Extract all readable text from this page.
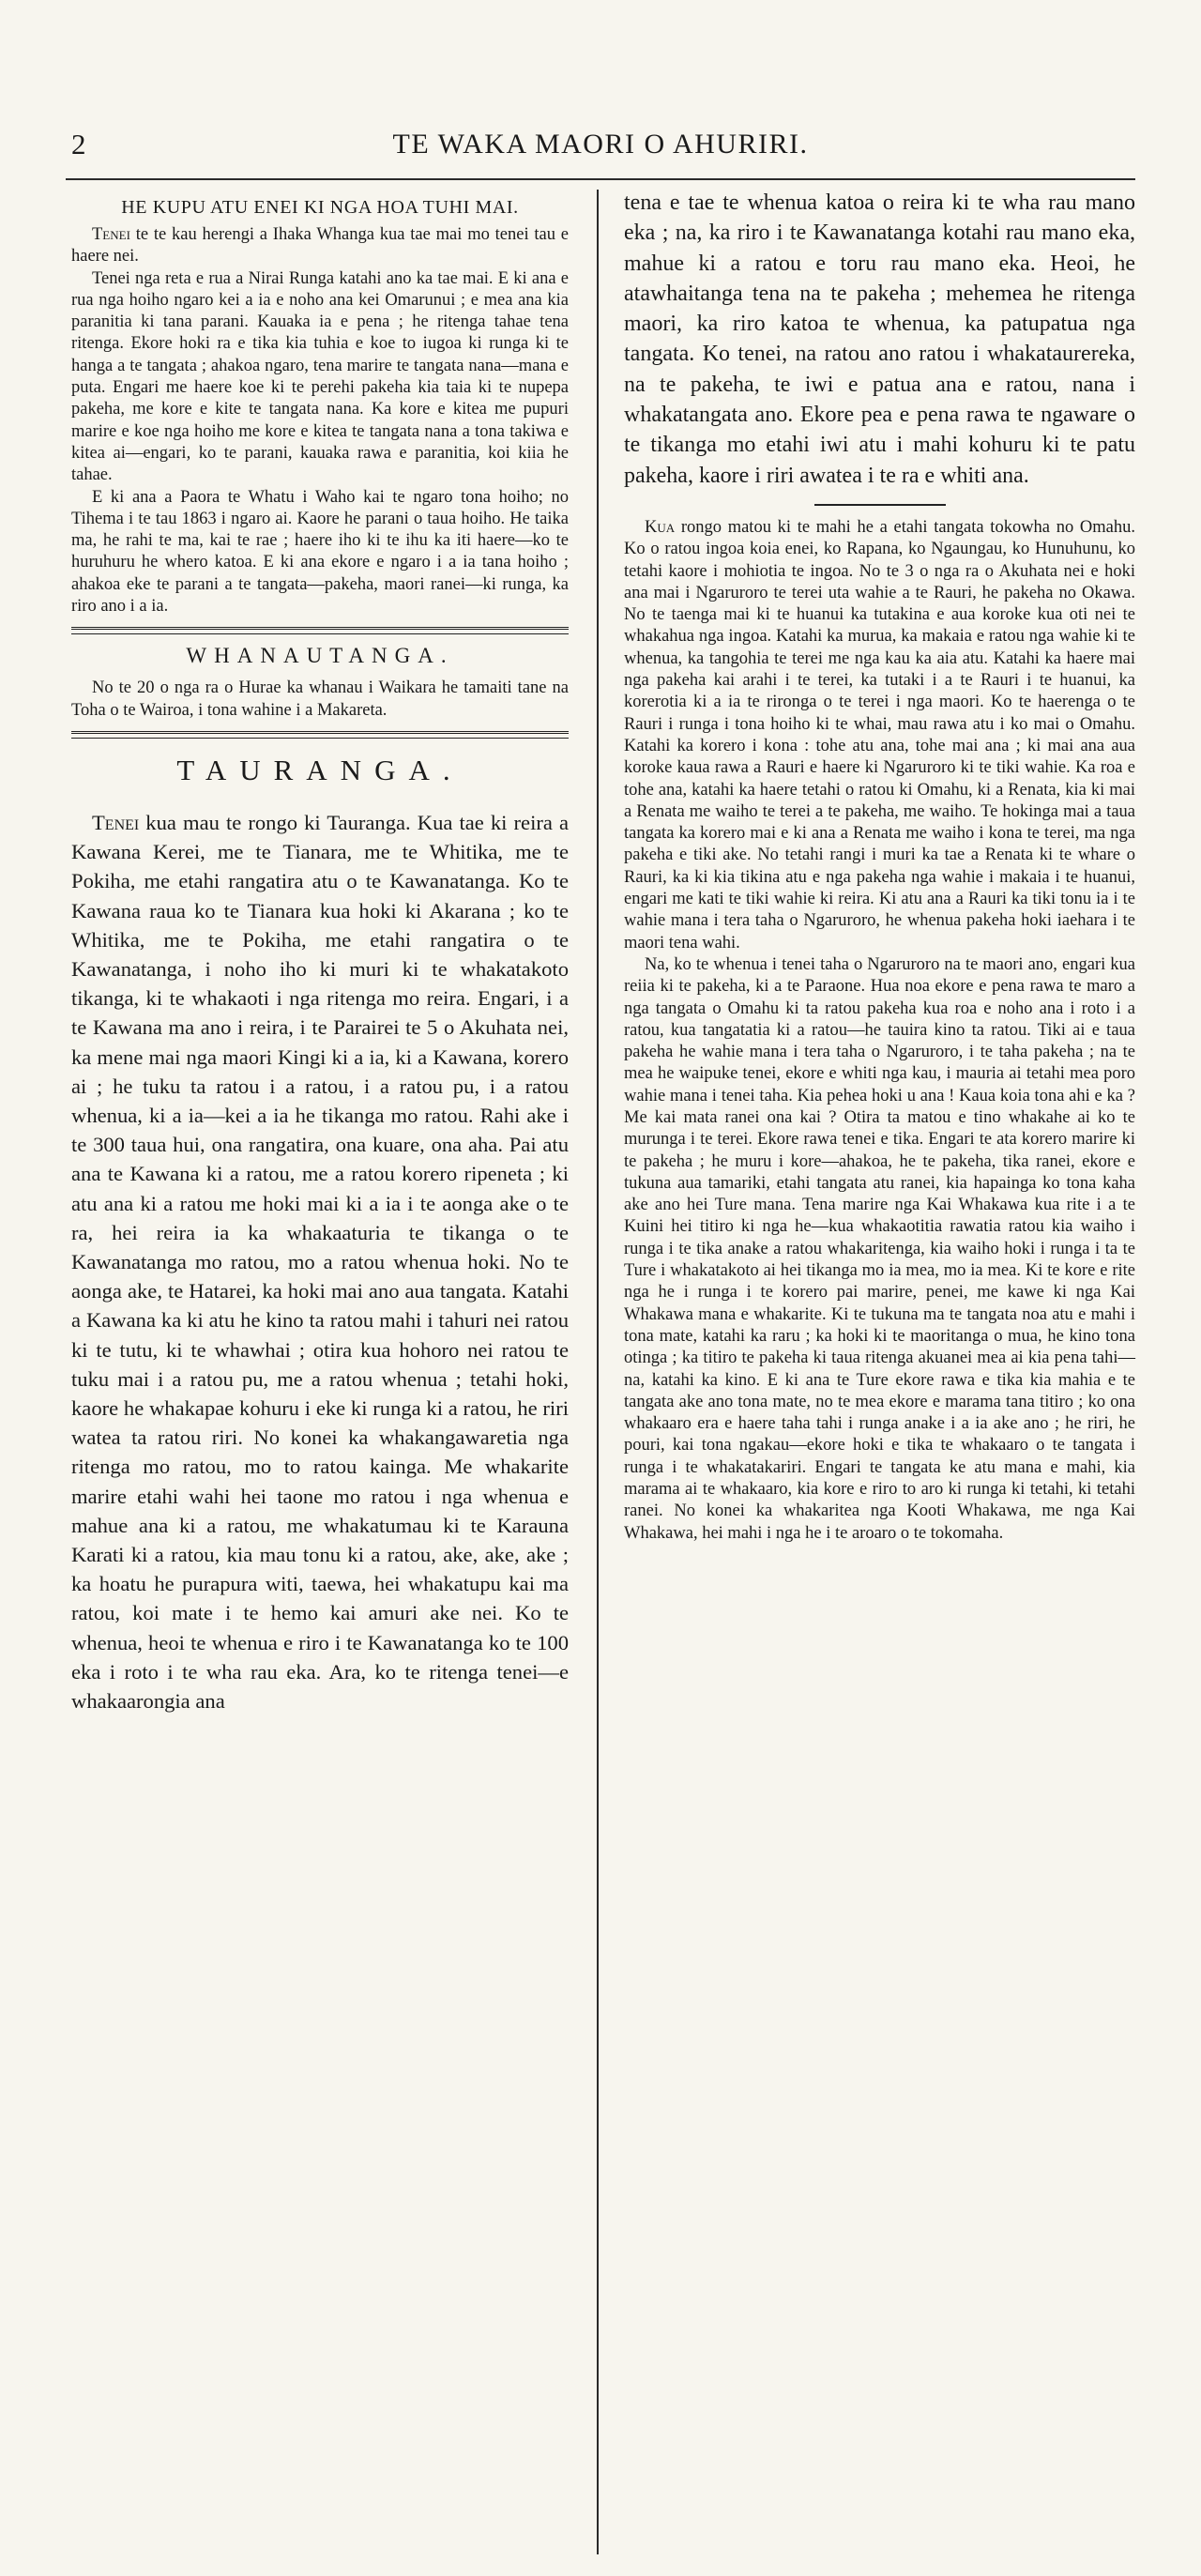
2	TE WAKA MAORI O AHURIRI.
HE KUPU ATU ENEI KI NGA HOA TUHI MAI.

Tenei te te kau herengi a Ihaka Whanga kua tae mai mo tenei tau e haere nei.

Tenei nga reta e rua a Nirai Runga katahi ano ka tae mai. E ki ana e rua nga hoiho ngaro kei a ia e noho ana kei Omarunui ; e mea ana kia paranitia ki tana parani. Kauaka ia e pena ; he ritenga tahae tena ritenga. Ekore hoki ra e tika kia tuhia e koe to iugoa ki runga ki te hanga a te tangata ; ahakoa ngaro, tena marire te tangata nana—mana e puta. Engari me haere koe ki te perehi pakeha kia taia ki te nupepa pakeha, me kore e kite te tangata nana. Ka kore e kitea me pupuri marire e koe nga hoiho me kore e kitea te tangata nana a tona takiwa e kitea ai—engari, ko te parani, kauaka rawa e paranitia, koi kiia he tahae.

E ki ana a Paora te Whatu i Waho kai te ngaro tona hoiho; no Tihema i te tau 1863 i ngaro ai. Kaore he parani o taua hoiho. He taika ma, he rahi te ma, kai te rae ; haere iho ki te ihu ka iti haere—ko te huruhuru he whero katoa. E ki ana ekore e ngaro i a ia tana hoiho ; ahakoa eke te parani a te tangata—pakeha, maori ranei—ki runga, ka riro ano i a ia.

WHANAUTANGA.

No te 20 o nga ra o Hurae ka whanau i Waikara he tamaiti tane na Toha o te Wairoa, i tona wahine i a Makareta.

TAURANGA.

Tenei kua mau te rongo ki Tauranga. Kua tae ki reira a Kawana Kerei, me te Tianara, me te Whitika, me te Pokiha, me etahi rangatira atu o te Kawanatanga. Ko te Kawana raua ko te Tianara kua hoki ki Akarana ; ko te Whitika, me te Pokiha, me etahi rangatira o te Kawanatanga, i noho iho ki muri ki te whakatakoto tikanga, ki te whakaoti i nga ritenga mo reira. Engari, i a te Kawana ma ano i reira, i te Parairei te 5 o Akuhata nei, ka mene mai nga maori Kingi ki a ia, ki a Kawana, korero ai ; he tuku ta ratou i a ratou, i a ratou pu, i a ratou whenua, ki a ia—kei a ia he tikanga mo ratou. Rahi ake i te 300 taua hui, ona rangatira, ona kuare, ona aha. Pai atu ana te Kawana ki a ratou, me a ratou korero ripeneta ; ki atu ana ki a ratou me hoki mai ki a ia i te aonga ake o te ra, hei reira ia ka whakaaturia te tikanga o te Kawanatanga mo ratou, mo a ratou whenua hoki. No te aonga ake, te Hatarei, ka hoki mai ano aua tangata. Katahi a Kawana ka ki atu he kino ta ratou mahi i tahuri nei ratou ki te tutu, ki te whawhai ; otira kua hohoro nei ratou te tuku mai i a ratou pu, me a ratou whenua ; tetahi hoki, kaore he whakapae kohuru i eke ki runga ki a ratou, he riri watea ta ratou riri. No konei ka whakangawaretia nga ritenga mo ratou, mo to ratou kainga. Me whakarite marire etahi wahi hei taone mo ratou i nga whenua e mahue ana ki a ratou, me whakatumau ki te Karauna Karati ki a ratou, kia mau tonu ki a ratou, ake, ake, ake ; ka hoatu he purapura witi, taewa, hei whakatupu kai ma ratou, koi mate i te hemo kai amuri ake nei. Ko te whenua, heoi te whenua e riro i te Kawanatanga ko te 100 eka i roto i te wha rau eka. Ara, ko te ritenga tenei—e whakaarongia ana

tena e tae te whenua katoa o reira ki te wha rau mano eka ; na, ka riro i te Kawanatanga kotahi rau mano eka, mahue ki a ratou e toru rau mano eka. Heoi, he atawhaitanga tena na te pakeha ; mehemea he ritenga maori, ka riro katoa te whenua, ka patupatua nga tangata. Ko tenei, na ratou ano ratou i whakataurereka, na te pakeha, te iwi e patua ana e ratou, nana i whakatangata ano. Ekore pea e pena rawa te ngaware o te tikanga mo etahi iwi atu i mahi kohuru ki te patu pakeha, kaore i riri awatea i te ra e whiti ana.

Kua rongo matou ki te mahi he a etahi tangata tokowha no Omahu. Ko o ratou ingoa koia enei, ko Rapana, ko Ngaungau, ko Hunuhunu, ko tetahi kaore i mohiotia te ingoa. No te 3 o nga ra o Akuhata nei e hoki ana mai i Ngaruroro te terei uta wahie a te Rauri, he pakeha no Okawa. No te taenga mai ki te huanui ka tutakina e aua koroke kua oti nei te whakahua nga ingoa. Katahi ka murua, ka makaia e ratou nga wahie ki te whenua, ka tangohia te terei me nga kau ka aia atu. Katahi ka haere mai nga pakeha kai arahi i te terei, ka tutaki i a te Rauri i te huanui, ka korerotia ki a ia te rironga o te terei i nga maori. Ko te haerenga o te Rauri i runga i tona hoiho ki te whai, mau rawa atu i ko mai o Omahu. Katahi ka korero i kona : tohe atu ana, tohe mai ana ; ki mai ana aua koroke kaua rawa a Rauri e haere ki Ngaruroro ki te tiki wahie. Ka roa e tohe ana, katahi ka haere tetahi o ratou ki Omahu, ki a Renata, kia ki mai a Renata me waiho te terei a te pakeha, me waiho. Te hokinga mai a taua tangata ka korero mai e ki ana a Renata me waiho i kona te terei, ma nga pakeha e tiki ake. No tetahi rangi i muri ka tae a Renata ki te whare o Rauri, ka ki kia tikina atu e nga pakeha nga wahie i makaia i te huanui, engari me kati te tiki wahie ki reira. Ki atu ana a Rauri ka tiki tonu ia i te wahie mana i tera taha o Ngaruroro, he whenua pakeha hoki iaehara i te maori tena wahi.

Na, ko te whenua i tenei taha o Ngaruroro na te maori ano, engari kua reiia ki te pakeha, ki a te Paraone. Hua noa ekore e pena rawa te maro a nga tangata o Omahu ki ta ratou pakeha kua roa e noho ana i roto i a ratou, kua tangatatia ki a ratou—he tauira kino ta ratou. Tiki ai e taua pakeha he wahie mana i tera taha o Ngaruroro, i te taha pakeha ; na te mea he waipuke tenei, ekore e whiti nga kau, i mauria ai tetahi mea poro wahie mana i tenei taha. Kia pehea hoki u ana ! Kaua koia tona ahi e ka ? Me kai mata ranei ona kai ? Otira ta matou e tino whakahe ai ko te murunga i te terei. Ekore rawa tenei e tika. Engari te ata korero marire ki te pakeha ; he muru i kore—ahakoa, he te pakeha, tika ranei, ekore e tukuna aua tamariki, etahi tangata atu ranei, kia hapainga ko tona kaha ake ano hei Ture mana. Tena marire nga Kai Whakawa kua rite i a te Kuini hei titiro ki nga he—kua whakaotitia rawatia ratou kia waiho i runga i te tika anake a ratou whakaritenga, kia waiho hoki i runga i ta te Ture i whakatakoto ai hei tikanga mo ia mea, mo ia mea. Ki te kore e rite nga he i runga i te korero pai marire, penei, me kawe ki nga Kai Whakawa mana e whakarite. Ki te tukuna ma te tangata noa atu e mahi i tona mate, katahi ka raru ; ka hoki ki te maoritanga o mua, he kino tona otinga ; ka titiro te pakeha ki taua ritenga akuanei mea ai kia pena tahi—na, katahi ka kino. E ki ana te Ture ekore rawa e tika kia mahia e te tangata ake ano tona mate, no te mea ekore e marama tana titiro ; ko ona whakaaro era e haere taha tahi i runga anake i a ia ake ano ; he riri, he pouri, kai tona ngakau—ekore hoki e tika te whakaaro o te tangata i runga i te whakatakariri. Engari te tangata ke atu mana e mahi, kia marama ai te whakaaro, kia kore e riro to aro ki runga ki tetahi, ki tetahi ranei. No konei ka whakaritea nga Kooti Whakawa, me nga Kai Whakawa, hei mahi i nga he i te aroaro o te tokomaha.
